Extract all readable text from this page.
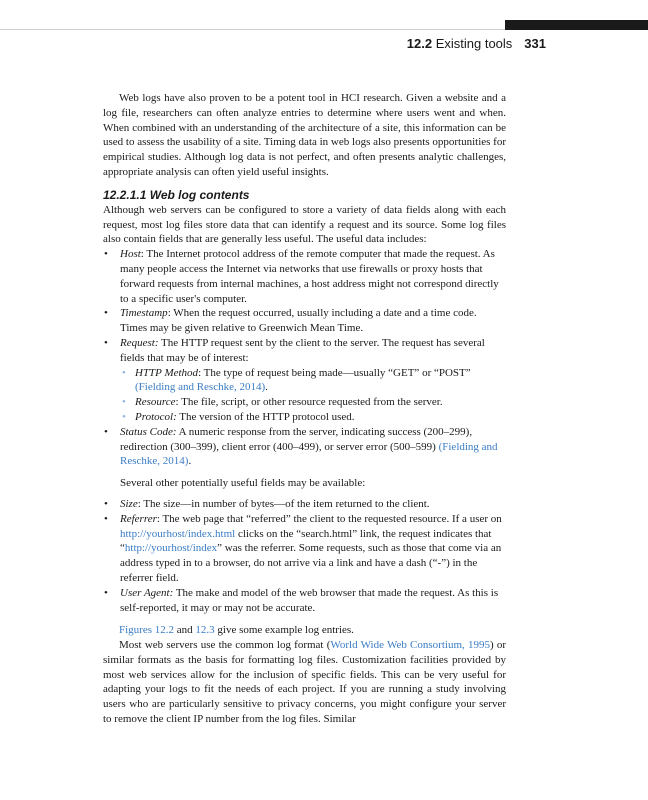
12.2 Existing tools 331

Web logs have also proven to be a potent tool in HCI research. Given a website and a log file, researchers can often analyze entries to determine where users went and when. When combined with an understanding of the architecture of a site, this information can be used to assess the usability of a site. Timing data in web logs also presents opportunities for empirical studies. Although log data is not perfect, and often presents analytic challenges, appropriate analysis can often yield useful insights.

12.2.1.1 Web log contents

Although web servers can be configured to store a variety of data fields along with each request, most log files store data that can identify a request and its source. Some log files also contain fields that are generally less useful. The useful data includes:

• Host: The Internet protocol address of the remote computer that made the request. As many people access the Internet via networks that use firewalls or proxy hosts that forward requests from internal machines, a host address might not correspond directly to a specific user's computer.
• Timestamp: When the request occurred, usually including a date and a time code. Times may be given relative to Greenwich Mean Time.
• Request: The HTTP request sent by the client to the server. The request has several fields that may be of interest:
• HTTP Method: The type of request being made—usually “GET” or “POST” (Fielding and Reschke, 2014).
• Resource: The file, script, or other resource requested from the server.
• Protocol: The version of the HTTP protocol used.
• Status Code: A numeric response from the server, indicating success (200–299), redirection (300–399), client error (400–499), or server error (500–599) (Fielding and Reschke, 2014).

Several other potentially useful fields may be available:

• Size: The size—in number of bytes—of the item returned to the client.
• Referrer: The web page that “referred” the client to the requested resource. If a user on http://yourhost/index.html clicks on the “search.html” link, the request indicates that “http://yourhost/index” was the referrer. Some requests, such as those that come via an address typed in to a browser, do not arrive via a link and have a dash (“-”) in the referrer field.
• User Agent: The make and model of the web browser that made the request. As this is self-reported, it may or may not be accurate.

Figures 12.2 and 12.3 give some example log entries.

Most web servers use the common log format (World Wide Web Consortium, 1995) or similar formats as the basis for formatting log files. Customization facilities provided by most web services allow for the inclusion of specific fields. This can be very useful for adapting your logs to fit the needs of each project. If you are running a study involving users who are particularly sensitive to privacy concerns, you might configure your server to remove the client IP number from the log files. Similar
